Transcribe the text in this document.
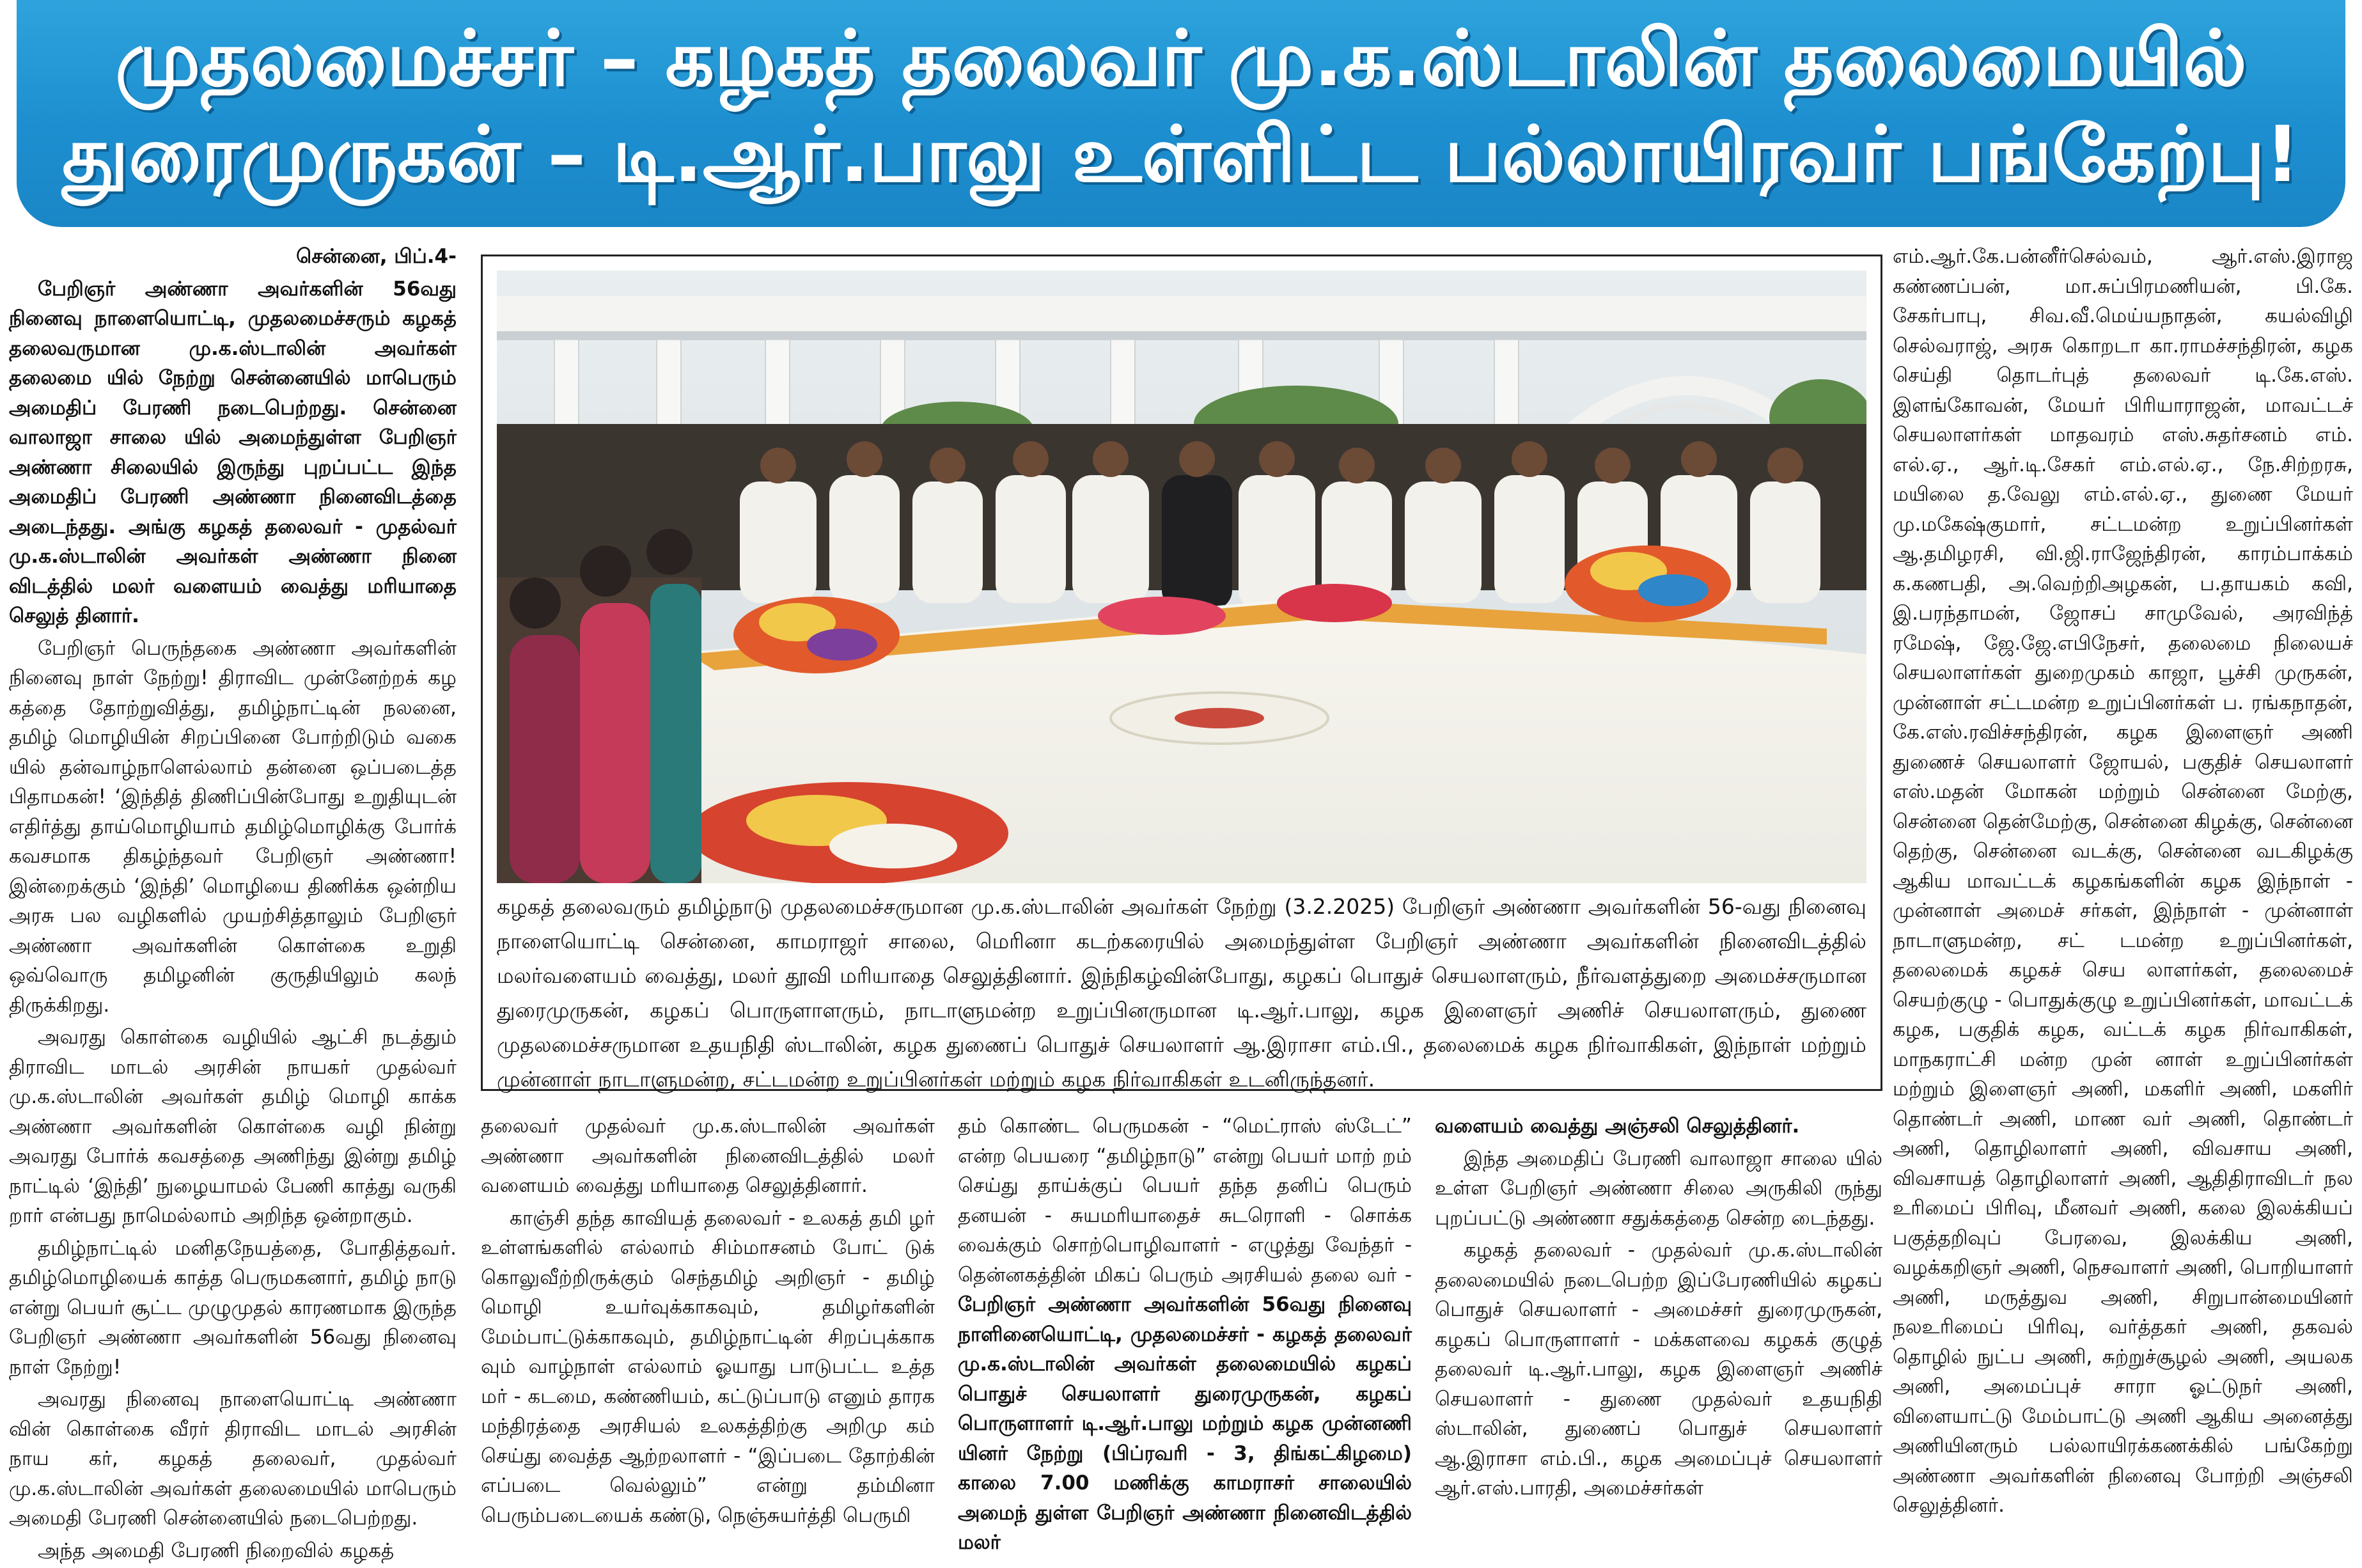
முதலமைச்சர் – கழகத் தலைவர் மு.க.ஸ்டாலின் தலைமையில்
துரைமுருகன் – டி.ஆர்.பாலு உள்ளிட்ட பல்லாயிரவர் பங்கேற்பு!

சென்னை, பிப்.4-

பேறிஞர் அண்ணா அவர்களின் 56வது நினைவு நாளையொட்டி, முதலமைச்சரும் கழகத் தலைவருமான மு.க.ஸ்டாலின் அவர்கள் தலைமை யில் நேற்று சென்னையில் மாபெரும் அமைதிப் பேரணி நடைபெற்றது. சென்னை வாலாஜா சாலை யில் அமைந்துள்ள பேறிஞர் அண்ணா சிலையில் இருந்து புறப்பட்ட இந்த அமைதிப் பேரணி அண்ணா நினைவிடத்தை அடைந்தது. அங்கு கழகத் தலைவர் - முதல்வர் மு.க.ஸ்டாலின் அவர்கள் அண்ணா நினை விடத்தில் மலர் வளையம் வைத்து மரியாதை செலுத் தினார்.

பேறிஞர் பெருந்தகை அண்ணா அவர்களின் நினைவு நாள் நேற்று! திராவிட முன்னேற்றக் கழ கத்தை தோற்றுவித்து, தமிழ்நாட்டின் நலனை, தமிழ் மொழியின் சிறப்பினை போற்றிடும் வகை யில் தன்வாழ்நாளெல்லாம் தன்னை ஒப்படைத்த பிதாமகன்! ‘இந்தித் திணிப்பின்போது உறுதியுடன் எதிர்த்து தாய்மொழியாம் தமிழ்மொழிக்கு போர்க் கவசமாக திகழ்ந்தவர் பேறிஞர் அண்ணா! இன்றைக்கும் ‘இந்தி’ மொழியை திணிக்க ஒன்றிய அரசு பல வழிகளில் முயற்சித்தாலும் பேறிஞர் அண்ணா அவர்களின் கொள்கை உறுதி ஒவ்வொரு தமிழனின் குருதியிலும் கலந் திருக்கிறது.

அவரது கொள்கை வழியில் ஆட்சி நடத்தும் திராவிட மாடல் அரசின் நாயகர் முதல்வர் மு.க.ஸ்டாலின் அவர்கள் தமிழ் மொழி காக்க அண்ணா அவர்களின் கொள்கை வழி நின்று அவரது போர்க் கவசத்தை அணிந்து இன்று தமிழ் நாட்டில் ‘இந்தி’ நுழையாமல் பேணி காத்து வருகி றார் என்பது நாமெல்லாம் அறிந்த ஒன்றாகும்.

தமிழ்நாட்டில் மனிதநேயத்தை, போதித்தவர். தமிழ்மொழியைக் காத்த பெருமகனார், தமிழ் நாடு என்று பெயர் சூட்ட முழுமுதல் காரணமாக இருந்த பேறிஞர் அண்ணா அவர்களின் 56வது நினைவு நாள் நேற்று!

அவரது நினைவு நாளையொட்டி அண்ணா வின் கொள்கை வீரர் திராவிட மாடல் அரசின் நாய கர், கழகத் தலைவர், முதல்வர் மு.க.ஸ்டாலின் அவர்கள் தலைமையில் மாபெரும் அமைதி பேரணி சென்னையில் நடைபெற்றது.

அந்த அமைதி பேரணி நிறைவில் கழகத்

கழகத் தலைவரும் தமிழ்நாடு முதலமைச்சருமான மு.க.ஸ்டாலின் அவர்கள் நேற்று (3.2.2025) பேறிஞர் அண்ணா அவர்களின் 56-வது நினைவு நாளையொட்டி சென்னை, காமராஜர் சாலை, மெரினா கடற்கரையில் அமைந்துள்ள பேறிஞர் அண்ணா அவர்களின் நினைவிடத்தில் மலர்வளையம் வைத்து, மலர் தூவி மரியாதை செலுத்தினார். இந்நிகழ்வின்போது, கழகப் பொதுச் செயலாளரும், நீர்வளத்துறை அமைச்சருமான துரைமுருகன், கழகப் பொருளாளரும், நாடாளுமன்ற உறுப்பினருமான டி.ஆர்.பாலு, கழக இளைஞர் அணிச் செயலாளரும், துணை முதலமைச்சருமான உதயநிதி ஸ்டாலின், கழக துணைப் பொதுச் செயலாளர் ஆ.இராசா எம்.பி., தலைமைக் கழக நிர்வாகிகள், இந்நாள் மற்றும் முன்னாள் நாடாளுமன்ற, சட்டமன்ற உறுப்பினர்கள் மற்றும் கழக நிர்வாகிகள் உடனிருந்தனர்.

தலைவர் முதல்வர் மு.க.ஸ்டாலின் அவர்கள் அண்ணா அவர்களின் நினைவிடத்தில் மலர் வளையம் வைத்து மரியாதை செலுத்தினார்.

காஞ்சி தந்த காவியத் தலைவர் - உலகத் தமி ழர் உள்ளங்களில் எல்லாம் சிம்மாசனம் போட் டுக் கொலுவீற்றிருக்கும் செந்தமிழ் அறிஞர் - தமிழ் மொழி உயர்வுக்காகவும், தமிழர்களின் மேம்பாட்டுக்காகவும், தமிழ்நாட்டின் சிறப்புக்காக வும் வாழ்நாள் எல்லாம் ஓயாது பாடுபட்ட உத்த மர் - கடமை, கண்ணியம், கட்டுப்பாடு எனும் தாரக மந்திரத்தை அரசியல் உலகத்திற்கு அறிமு கம் செய்து வைத்த ஆற்றலாளர் - “இப்படை தோற்கின் எப்படை வெல்லும்” என்று தம்மினா பெரும்படையைக் கண்டு, நெஞ்சுயர்த்தி பெருமி

தம் கொண்ட பெருமகன் - “மெட்ராஸ் ஸ்டேட்” என்ற பெயரை “தமிழ்நாடு” என்று பெயர் மாற் றம் செய்து தாய்க்குப் பெயர் தந்த தனிப் பெரும் தனயன் - சுயமரியாதைச் சுடரொளி - சொக்க வைக்கும் சொற்பொழிவாளர் - எழுத்து வேந்தர் - தென்னகத்தின் மிகப் பெரும் அரசியல் தலை வர் - பேறிஞர் அண்ணா அவர்களின் 56வது நினைவு நாளினையொட்டி, முதலமைச்சர் - கழகத் தலைவர் மு.க.ஸ்டாலின் அவர்கள் தலைமையில் கழகப் பொதுச் செயலாளர் துரைமுருகன், கழகப் பொருளாளர் டி.ஆர்.பாலு மற்றும் கழக முன்னணி யினர் நேற்று (பிப்ரவரி - 3, திங்கட்கிழமை) காலை 7.00 மணிக்கு காமராசர் சாலையில் அமைந் துள்ள பேறிஞர் அண்ணா நினைவிடத்தில் மலர்

வளையம் வைத்து அஞ்சலி செலுத்தினர்.

இந்த அமைதிப் பேரணி வாலாஜா சாலை யில் உள்ள பேறிஞர் அண்ணா சிலை அருகிலி ருந்து புறப்பட்டு அண்ணா சதுக்கத்தை சென்ற டைந்தது.

கழகத் தலைவர் - முதல்வர் மு.க.ஸ்டாலின் தலைமையில் நடைபெற்ற இப்பேரணியில் கழகப் பொதுச் செயலாளர் - அமைச்சர் துரைமுருகன், கழகப் பொருளாளர் - மக்களவை கழகக் குழுத் தலைவர் டி.ஆர்.பாலு, கழக இளைஞர் அணிச் செயலாளர் - துணை முதல்வர் உதயநிதி ஸ்டாலின், துணைப் பொதுச் செயலாளர் ஆ.இராசா எம்.பி., கழக அமைப்புச் செயலாளர் ஆர்.எஸ்.பாரதி, அமைச்சர்கள்

எம்.ஆர்.கே.பன்னீர்செல்வம், ஆர்.எஸ்.இராஜ கண்ணப்பன், மா.சுப்பிரமணியன், பி.கே. சேகர்பாபு, சிவ.வீ.மெய்யநாதன், கயல்விழி செல்வராஜ், அரசு கொறடா கா.ராமச்சந்திரன், கழக செய்தி தொடர்புத் தலைவர் டி.கே.எஸ். இளங்கோவன், மேயர் பிரியாராஜன், மாவட்டச் செயலாளர்கள் மாதவரம் எஸ்.சுதர்சனம் எம். எல்.ஏ., ஆர்.டி.சேகர் எம்.எல்.ஏ., நே.சிற்றரசு, மயிலை த.வேலு எம்.எல்.ஏ., துணை மேயர் மு.மகேஷ்குமார், சட்டமன்ற உறுப்பினர்கள் ஆ.தமிழரசி, வி.ஜி.ராஜேந்திரன், காரம்பாக்கம் க.கணபதி, அ.வெற்றிஅழகன், ப.தாயகம் கவி, இ.பரந்தாமன், ஜோசப் சாமுவேல், அரவிந்த் ரமேஷ், ஜே.ஜே.எபிநேசர், தலைமை நிலையச் செயலாளர்கள் துறைமுகம் காஜா, பூச்சி முருகன், முன்னாள் சட்டமன்ற உறுப்பினர்கள் ப. ரங்கநாதன், கே.எஸ்.ரவிச்சந்திரன், கழக இளைஞர் அணி துணைச் செயலாளர் ஜோயல், பகுதிச் செயலாளர் எஸ்.மதன் மோகன் மற்றும் சென்னை மேற்கு, சென்னை தென்மேற்கு, சென்னை கிழக்கு, சென்னை தெற்கு, சென்னை வடக்கு, சென்னை வடகிழக்கு ஆகிய மாவட்டக் கழகங்களின் கழக இந்நாள் - முன்னாள் அமைச் சர்கள், இந்நாள் - முன்னாள் நாடாளுமன்ற, சட் டமன்ற உறுப்பினர்கள், தலைமைக் கழகச் செய லாளர்கள், தலைமைச் செயற்குழு - பொதுக்குழு உறுப்பினர்கள், மாவட்டக் கழக, பகுதிக் கழக, வட்டக் கழக நிர்வாகிகள், மாநகராட்சி மன்ற முன் னாள் உறுப்பினர்கள் மற்றும் இளைஞர் அணி, மகளிர் அணி, மகளிர் தொண்டர் அணி, மாண வர் அணி, தொண்டர் அணி, தொழிலாளர் அணி, விவசாய அணி, விவசாயத் தொழிலாளர் அணி, ஆதிதிராவிடர் நல உரிமைப் பிரிவு, மீனவர் அணி, கலை இலக்கியப் பகுத்தறிவுப் பேரவை, இலக்கிய அணி, வழக்கறிஞர் அணி, நெசவாளர் அணி, பொறியாளர் அணி, மருத்துவ அணி, சிறுபான்மையினர் நலஉரிமைப் பிரிவு, வர்த்தகர் அணி, தகவல் தொழில் நுட்ப அணி, சுற்றுச்சூழல் அணி, அயலக அணி, அமைப்புச் சாரா ஓட்டுநர் அணி, விளையாட்டு மேம்பாட்டு அணி ஆகிய அனைத்து அணியினரும் பல்லாயிரக்கணக்கில் பங்கேற்று அண்ணா அவர்களின் நினைவு போற்றி அஞ்சலி செலுத்தினர்.
